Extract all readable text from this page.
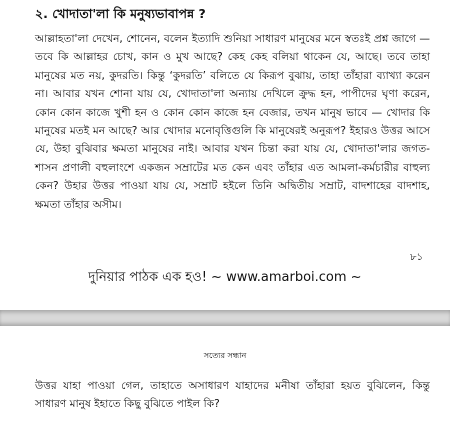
২. খোদাতা'লা কি মনুষ্যভাবাপন্ন ?
আল্লাহতা'লা দেখেন, শোনেন, বলেন ইত্যাদি শুনিয়া সাধারণ মানুষের মনে স্বতঃই প্রশ্ন জাগে — তবে কি আল্লাহর চোখ, কান ও মুখ আছে? কেহ কেহ বলিয়া থাকেন যে, আছে। তবে তাহা মানুষের মত নয়, কুদরতি। কিন্তু ‘কুদরতি’ বলিতে যে কিরূপ বুঝায়, তাহা তাঁহারা ব্যাখ্যা করেন না। আবার যখন শোনা যায় যে, খোদাতা'লা অন্যায় দেখিলে ক্রুদ্ধ হন, পাপীদের ঘৃণা করেন, কোন কোন কাজে খুশী হন ও কোন কোন কাজে হন বেজার, তখন মানুষ ভাবে — খোদার কি মানুষের মতই মন আছে? আর খোদার মনোবৃত্তিগুলি কি মানুষেরই অনুরূপ? ইহারও উত্তর আসে যে, উহা বুঝিবার ক্ষমতা মানুষের নাই। আবার যখন চিন্তা করা যায় যে, খোদাতা'লার জগত-শাসন প্রণালী বহুলাংশে একজন সম্রাটের মত কেন এবং তাঁহার এত আমলা-কর্মচারীর বাহুল্য কেন? উহার উত্তর পাওয়া যায় যে, সম্রাট হইলে তিনি অদ্বিতীয় সম্রাট, বাদশাহের বাদশাহ, ক্ষমতা তাঁহার অসীম।
৮১
দুনিয়ার পাঠক এক হও! ~ www.amarboi.com ~
সত্যের সন্ধান
উত্তর যাহা পাওয়া গেল, তাহাতে অসাধারণ যাহাদের মনীষা তাঁহারা হয়ত বুঝিলেন, কিন্তু সাধারণ মানুষ ইহাতে কিছু বুঝিতে পাইল কি?
